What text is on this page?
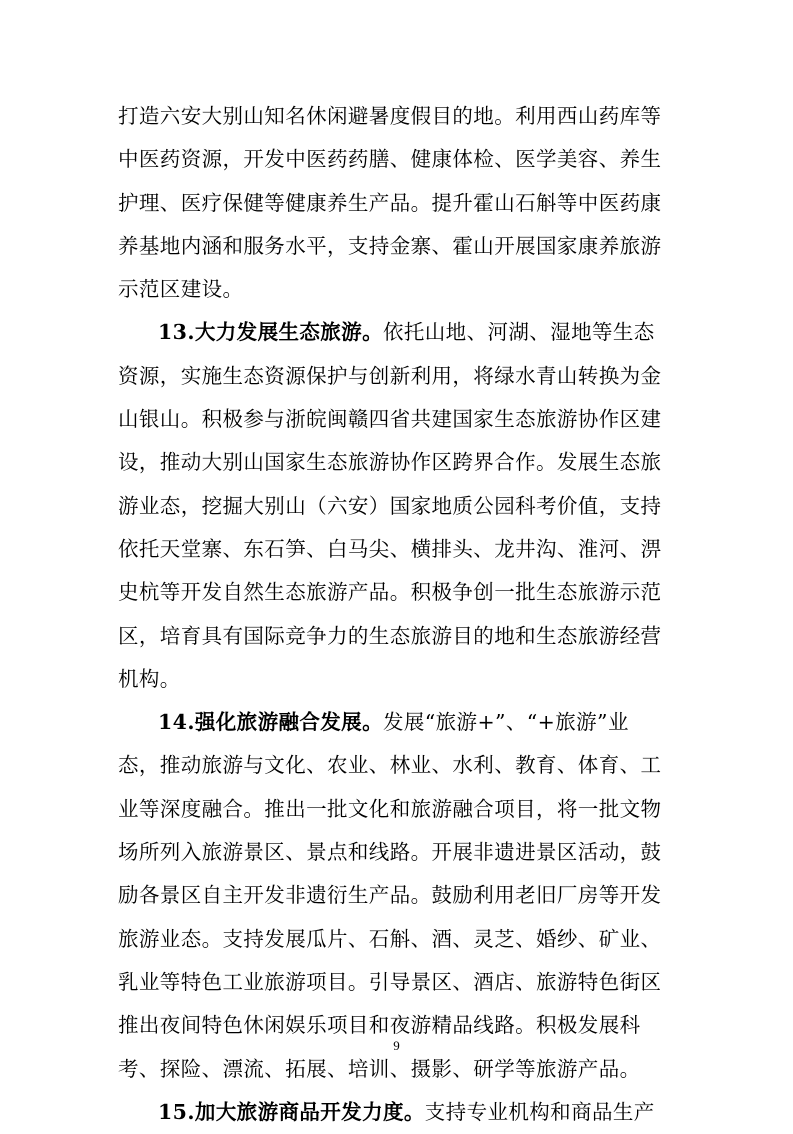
打造六安大别山知名休闲避暑度假目的地。利用西山药库等
中医药资源，开发中医药药膳、健康体检、医学美容、养生
护理、医疗保健等健康养生产品。提升霍山石斛等中医药康
养基地内涵和服务水平，支持金寨、霍山开展国家康养旅游
示范区建设。
13.大力发展生态旅游。依托山地、河湖、湿地等生态
资源，实施生态资源保护与创新利用，将绿水青山转换为金
山银山。积极参与浙皖闽赣四省共建国家生态旅游协作区建
设，推动大别山国家生态旅游协作区跨界合作。发展生态旅
游业态，挖掘大别山（六安）国家地质公园科考价值，支持
依托天堂寨、东石笋、白马尖、横排头、龙井沟、淮河、淠
史杭等开发自然生态旅游产品。积极争创一批生态旅游示范
区，培育具有国际竞争力的生态旅游目的地和生态旅游经营
机构。
14.强化旅游融合发展。发展“旅游+”、“+旅游”业
态，推动旅游与文化、农业、林业、水利、教育、体育、工
业等深度融合。推出一批文化和旅游融合项目，将一批文物
场所列入旅游景区、景点和线路。开展非遗进景区活动，鼓
励各景区自主开发非遗衍生产品。鼓励利用老旧厂房等开发
旅游业态。支持发展瓜片、石斛、酒、灵芝、婚纱、矿业、
乳业等特色工业旅游项目。引导景区、酒店、旅游特色街区
推出夜间特色休闲娱乐项目和夜游精品线路。积极发展科
考、探险、漂流、拓展、培训、摄影、研学等旅游产品。
15.加大旅游商品开发力度。支持专业机构和商品生产
9
